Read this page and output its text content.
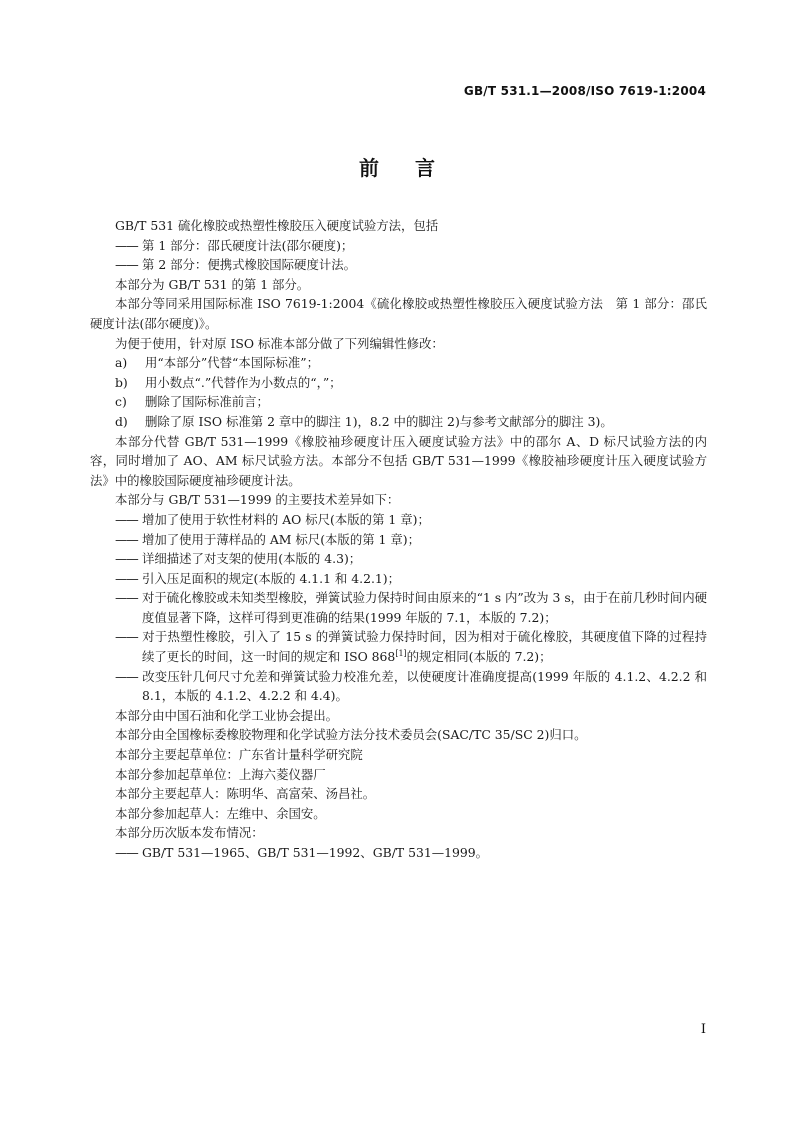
GB/T 531.1—2008/ISO 7619-1:2004
前言

GB/T 531 硫化橡胶或热塑性橡胶压入硬度试验方法，包括

—— 第 1 部分：邵氏硬度计法(邵尔硬度)；

—— 第 2 部分：便携式橡胶国际硬度计法。

本部分为 GB/T 531 的第 1 部分。

本部分等同采用国际标准 ISO 7619-1:2004《硫化橡胶或热塑性橡胶压入硬度试验方法　第 1 部分：邵氏硬度计法(邵尔硬度)》。

为便于使用，针对原 ISO 标准本部分做了下列编辑性修改：

a) 用“本部分”代替“本国际标准”；

b) 用小数点“.”代替作为小数点的“，”；

c) 删除了国际标准前言；

d) 删除了原 ISO 标准第 2 章中的脚注 1)，8.2 中的脚注 2)与参考文献部分的脚注 3)。

本部分代替 GB/T 531—1999《橡胶袖珍硬度计压入硬度试验方法》中的邵尔 A、D 标尺试验方法的内容，同时增加了 AO、AM 标尺试验方法。本部分不包括 GB/T 531—1999《橡胶袖珍硬度计压入硬度试验方法》中的橡胶国际硬度袖珍硬度计法。

本部分与 GB/T 531—1999 的主要技术差异如下：

—— 增加了使用于软性材料的 AO 标尺(本版的第 1 章)；

—— 增加了使用于薄样品的 AM 标尺(本版的第 1 章)；

—— 详细描述了对支架的使用(本版的 4.3)；

—— 引入压足面积的规定(本版的 4.1.1 和 4.2.1)；

—— 对于硫化橡胶或未知类型橡胶，弹簧试验力保持时间由原来的“1 s 内”改为 3 s，由于在前几秒时间内硬度值显著下降，这样可得到更准确的结果(1999 年版的 7.1，本版的 7.2)；

—— 对于热塑性橡胶，引入了 15 s 的弹簧试验力保持时间，因为相对于硫化橡胶，其硬度值下降的过程持续了更长的时间，这一时间的规定和 ISO 868[1]的规定相同(本版的 7.2)；

—— 改变压针几何尺寸允差和弹簧试验力校准允差，以使硬度计准确度提高(1999 年版的 4.1.2、4.2.2 和 8.1，本版的 4.1.2、4.2.2 和 4.4)。

本部分由中国石油和化学工业协会提出。

本部分由全国橡标委橡胶物理和化学试验方法分技术委员会(SAC/TC 35/SC 2)归口。

本部分主要起草单位：广东省计量科学研究院

本部分参加起草单位：上海六菱仪器厂

本部分主要起草人：陈明华、高富荣、汤昌社。

本部分参加起草人：左维中、余国安。

本部分历次版本发布情况：

—— GB/T 531—1965、GB/T 531—1992、GB/T 531—1999。

I
